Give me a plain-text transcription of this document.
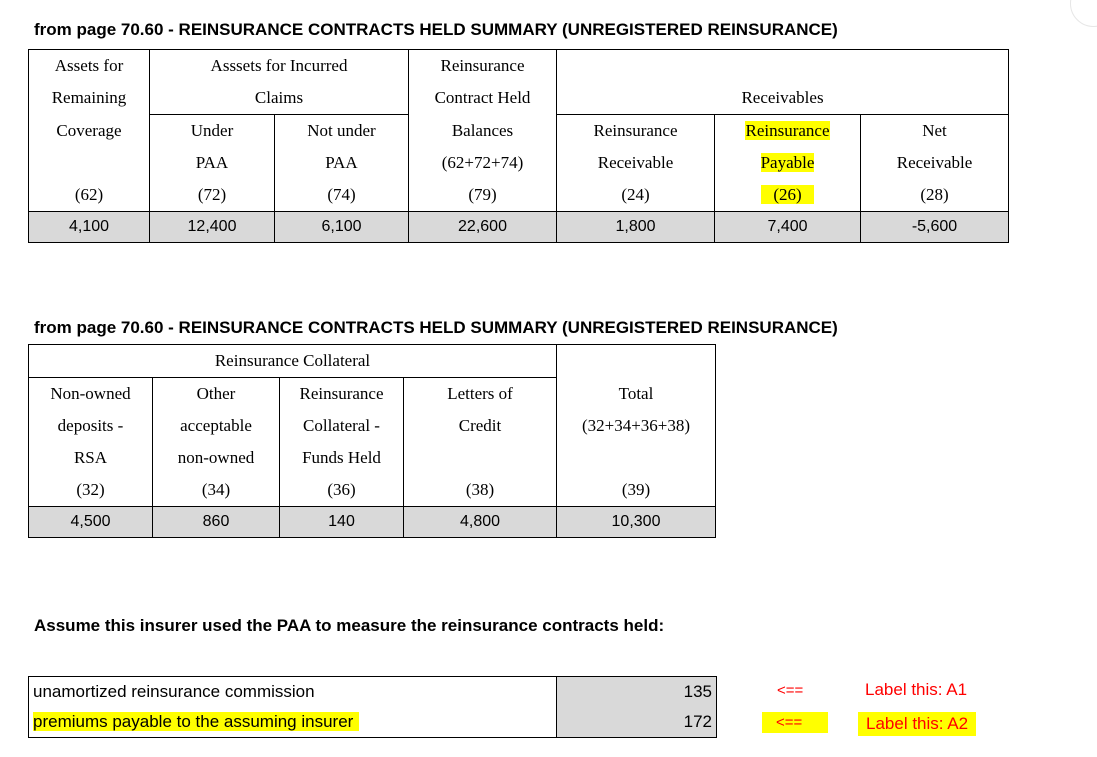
from page 70.60 - REINSURANCE CONTRACTS HELD SUMMARY (UNREGISTERED REINSURANCE)
Assets for	Asssets for Incurred		Reinsurance			
Remaining	Claims		Contract Held	Receivables		
Coverage	Under	Not under	Balances	Reinsurance	Reinsurance	Net
	PAA	PAA	(62+72+74)	Receivable	Payable	Receivable
(62)	(72)	(74)	(79)	(24)	(26)	(28)
4,100	12,400	6,100	22,600	1,800	7,400	-5,600
from page 70.60 - REINSURANCE CONTRACTS HELD SUMMARY (UNREGISTERED REINSURANCE)
Reinsurance Collateral				
Non-owned	Other	Reinsurance	Letters of	Total
deposits -	acceptable	Collateral -	Credit	(32+34+36+38)
RSA	non-owned	Funds Held		
(32)	(34)	(36)	(38)	(39)
4,500	860	140	4,800	10,300
Assume this insurer used the PAA to measure the reinsurance contracts held:
unamortized reinsurance commission	135
premiums payable to the assuming insurer	172
<==	Label this: A1
<==	Label this: A2
